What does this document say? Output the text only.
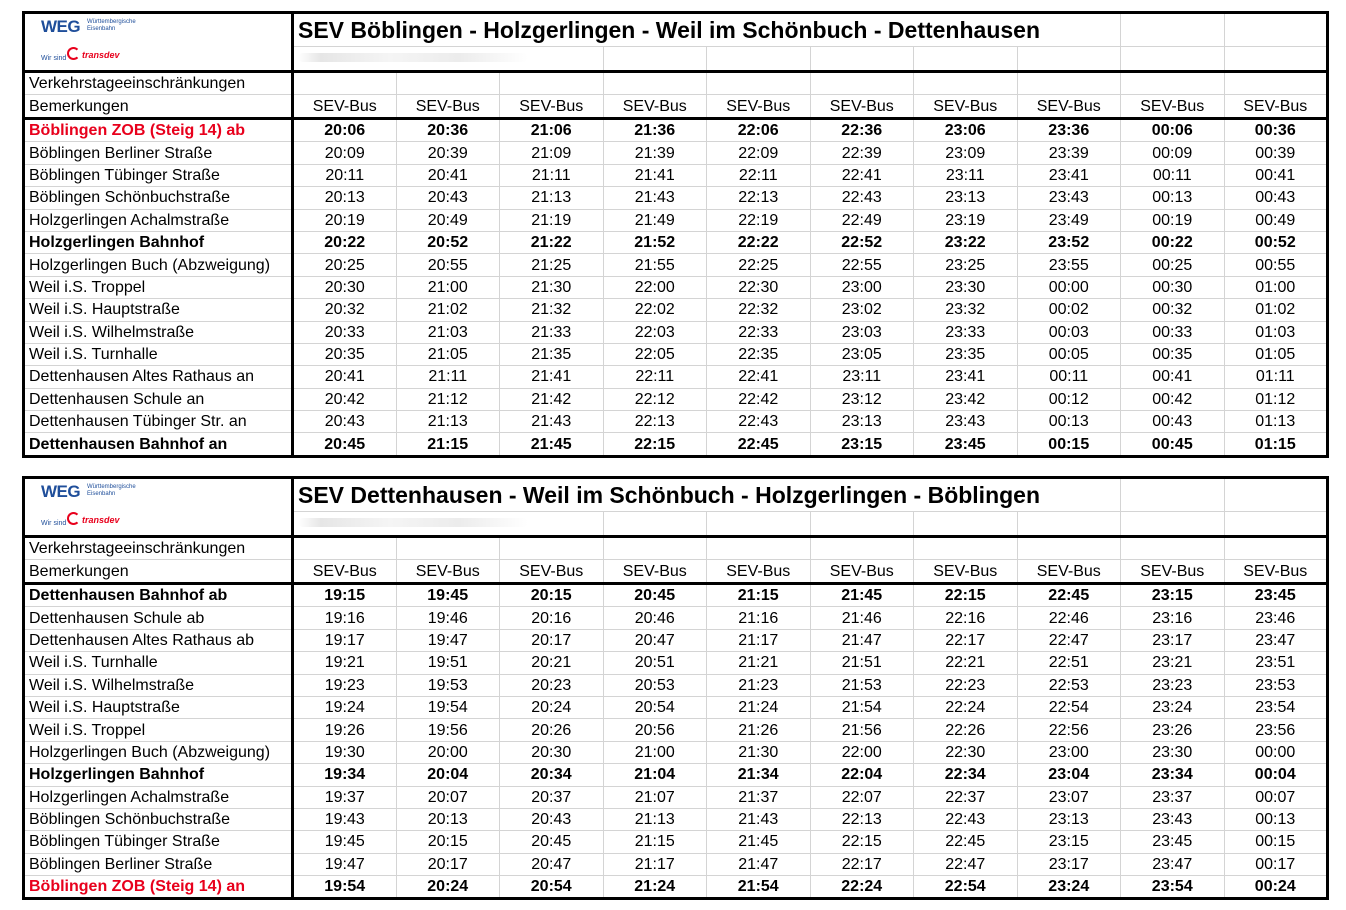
WEG Württembergische
Eisenbahn
Wir sind transdev	SEV Böblingen - Holzgerlingen - Weil im Schönbuch - Dettenhausen									

Verkehrstageeinschränkungen										
Bemerkungen	SEV-Bus	SEV-Bus	SEV-Bus	SEV-Bus	SEV-Bus	SEV-Bus	SEV-Bus	SEV-Bus	SEV-Bus	SEV-Bus
Böblingen ZOB (Steig 14) ab	20:06	20:36	21:06	21:36	22:06	22:36	23:06	23:36	00:06	00:36
Böblingen Berliner Straße	20:09	20:39	21:09	21:39	22:09	22:39	23:09	23:39	00:09	00:39
Böblingen Tübinger Straße	20:11	20:41	21:11	21:41	22:11	22:41	23:11	23:41	00:11	00:41
Böblingen Schönbuchstraße	20:13	20:43	21:13	21:43	22:13	22:43	23:13	23:43	00:13	00:43
Holzgerlingen Achalmstraße	20:19	20:49	21:19	21:49	22:19	22:49	23:19	23:49	00:19	00:49
Holzgerlingen Bahnhof	20:22	20:52	21:22	21:52	22:22	22:52	23:22	23:52	00:22	00:52
Holzgerlingen Buch (Abzweigung)	20:25	20:55	21:25	21:55	22:25	22:55	23:25	23:55	00:25	00:55
Weil i.S. Troppel	20:30	21:00	21:30	22:00	22:30	23:00	23:30	00:00	00:30	01:00
Weil i.S. Hauptstraße	20:32	21:02	21:32	22:02	22:32	23:02	23:32	00:02	00:32	01:02
Weil i.S. Wilhelmstraße	20:33	21:03	21:33	22:03	22:33	23:03	23:33	00:03	00:33	01:03
Weil i.S. Turnhalle	20:35	21:05	21:35	22:05	22:35	23:05	23:35	00:05	00:35	01:05
Dettenhausen Altes Rathaus an	20:41	21:11	21:41	22:11	22:41	23:11	23:41	00:11	00:41	01:11
Dettenhausen Schule an	20:42	21:12	21:42	22:12	22:42	23:12	23:42	00:12	00:42	01:12
Dettenhausen Tübinger Str. an	20:43	21:13	21:43	22:13	22:43	23:13	23:43	00:13	00:43	01:13
Dettenhausen Bahnhof an	20:45	21:15	21:45	22:15	22:45	23:15	23:45	00:15	00:45	01:15
WEG Württembergische
Eisenbahn
Wir sind transdev	SEV Dettenhausen - Weil im Schönbuch - Holzgerlingen - Böblingen									

Verkehrstageeinschränkungen										
Bemerkungen	SEV-Bus	SEV-Bus	SEV-Bus	SEV-Bus	SEV-Bus	SEV-Bus	SEV-Bus	SEV-Bus	SEV-Bus	SEV-Bus
Dettenhausen Bahnhof ab	19:15	19:45	20:15	20:45	21:15	21:45	22:15	22:45	23:15	23:45
Dettenhausen Schule ab	19:16	19:46	20:16	20:46	21:16	21:46	22:16	22:46	23:16	23:46
Dettenhausen Altes Rathaus ab	19:17	19:47	20:17	20:47	21:17	21:47	22:17	22:47	23:17	23:47
Weil i.S. Turnhalle	19:21	19:51	20:21	20:51	21:21	21:51	22:21	22:51	23:21	23:51
Weil i.S. Wilhelmstraße	19:23	19:53	20:23	20:53	21:23	21:53	22:23	22:53	23:23	23:53
Weil i.S. Hauptstraße	19:24	19:54	20:24	20:54	21:24	21:54	22:24	22:54	23:24	23:54
Weil i.S. Troppel	19:26	19:56	20:26	20:56	21:26	21:56	22:26	22:56	23:26	23:56
Holzgerlingen Buch (Abzweigung)	19:30	20:00	20:30	21:00	21:30	22:00	22:30	23:00	23:30	00:00
Holzgerlingen Bahnhof	19:34	20:04	20:34	21:04	21:34	22:04	22:34	23:04	23:34	00:04
Holzgerlingen Achalmstraße	19:37	20:07	20:37	21:07	21:37	22:07	22:37	23:07	23:37	00:07
Böblingen Schönbuchstraße	19:43	20:13	20:43	21:13	21:43	22:13	22:43	23:13	23:43	00:13
Böblingen Tübinger Straße	19:45	20:15	20:45	21:15	21:45	22:15	22:45	23:15	23:45	00:15
Böblingen Berliner Straße	19:47	20:17	20:47	21:17	21:47	22:17	22:47	23:17	23:47	00:17
Böblingen ZOB (Steig 14) an	19:54	20:24	20:54	21:24	21:54	22:24	22:54	23:24	23:54	00:24
